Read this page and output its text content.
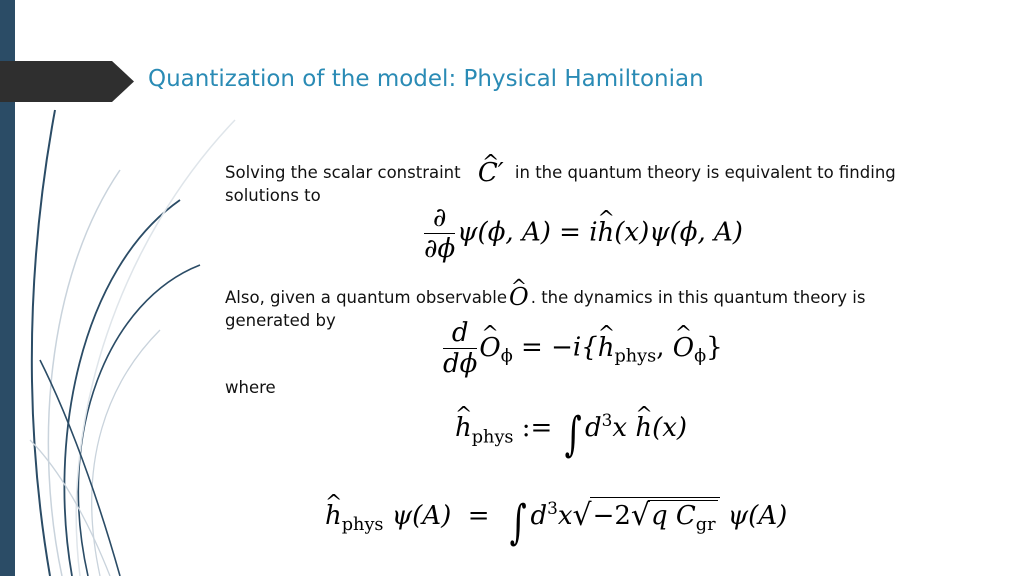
Quantization of the model: Physical Hamiltonian
Solving the scalar constraint ^ C′ in the quantum theory is equivalent to finding
solutions to
$\frac{\partial}{\partial\phi} \psi(\phi$, A) = i^ h(x)ψ(ϕ, A)
Also, given a quantum observable^ O . the dynamics in this quantum theory is
generated by	$\frac{d}{d\phi}$ ^ $O_\phi$ = −i{^ $h_{phys}$, ^ $O_\phi$}
where
^ $h_{phys}$ := ∫ $d^3x$ ^ h(x)
^ $h_{phys}$ ψ(A)  =  ∫ $d^3x√-2√q$ $C_{gr}$ ψ(A)
